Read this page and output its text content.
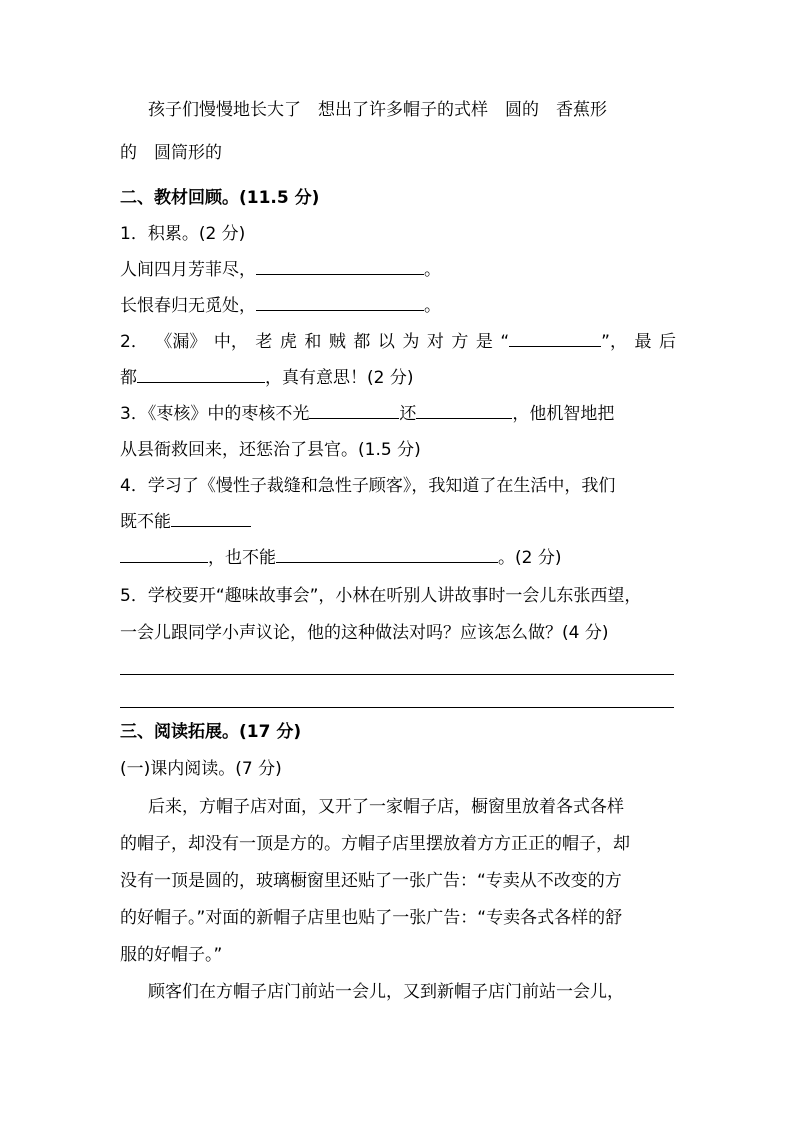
孩子们慢慢地长大了　想出了许多帽子的式样　圆的　香蕉形
的　圆筒形的
二、教材回顾。(11.5 分)
1．积累。(2 分)
人间四月芳菲尽，	。
长恨春归无觅处，	。
2． 《漏》 中， 老 虎 和 贼 都 以 为 对 方 是 “	”， 最 后
都	，真有意思！(2 分)
3．《枣核》中的枣核不光	还	，他机智地把
从县衙救回来，还惩治了县官。(1.5 分)
4．学习了《慢性子裁缝和急性子顾客》，我知道了在生活中，我们
既不能
，也不能	。(2 分)
5．学校要开“趣味故事会”，小林在听别人讲故事时一会儿东张西望，
一会儿跟同学小声议论，他的这种做法对吗？应该怎么做？(4 分)
三、阅读拓展。(17 分)
(一)课内阅读。(7 分)
后来，方帽子店对面，又开了一家帽子店，橱窗里放着各式各样
的帽子，却没有一顶是方的。方帽子店里摆放着方方正正的帽子，却
没有一顶是圆的，玻璃橱窗里还贴了一张广告：“专卖从不改变的方
的好帽子。”对面的新帽子店里也贴了一张广告：“专卖各式各样的舒
服的好帽子。”
顾客们在方帽子店门前站一会儿，又到新帽子店门前站一会儿，
